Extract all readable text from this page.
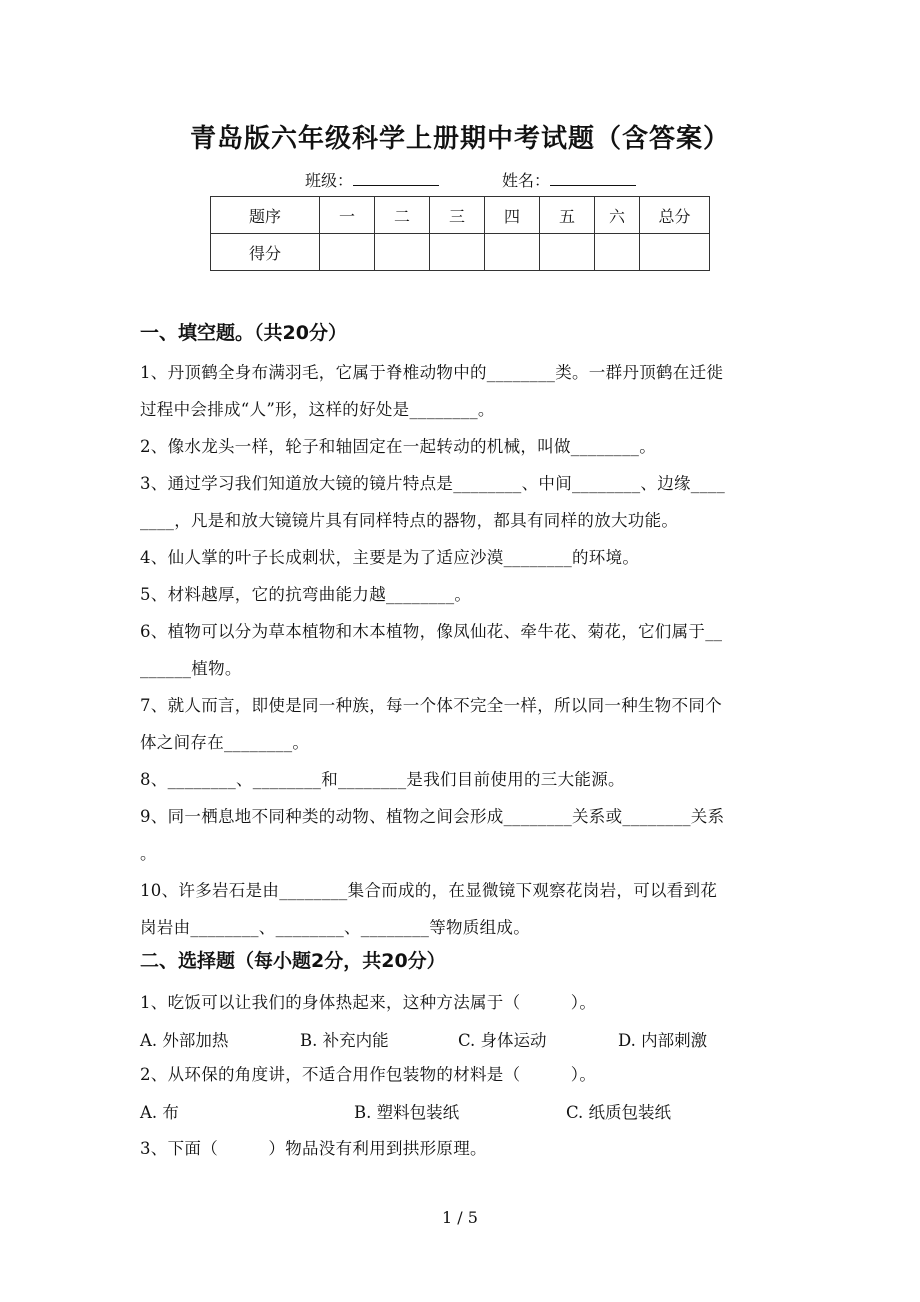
青岛版六年级科学上册期中考试题（含答案）
班级：	姓名：
题序	一	二	三	四	五	六	总分
得分							
一、填空题。（共20分）
1、丹顶鹤全身布满羽毛，它属于脊椎动物中的________类。一群丹顶鹤在迁徙
过程中会排成“人”形，这样的好处是________。
2、像水龙头一样，轮子和轴固定在一起转动的机械，叫做________。
3、通过学习我们知道放大镜的镜片特点是________、中间________、边缘____
____，凡是和放大镜镜片具有同样特点的器物，都具有同样的放大功能。
4、仙人掌的叶子长成刺状，主要是为了适应沙漠________的环境。
5、材料越厚，它的抗弯曲能力越________。
6、植物可以分为草本植物和木本植物，像凤仙花、牵牛花、菊花，它们属于__
______植物。
7、就人而言，即使是同一种族，每一个体不完全一样，所以同一种生物不同个
体之间存在________。
8、________、________和________是我们目前使用的三大能源。
9、同一栖息地不同种类的动物、植物之间会形成________关系或________关系
。
10、许多岩石是由________集合而成的，在显微镜下观察花岗岩，可以看到花
岗岩由________、________、________等物质组成。
二、选择题（每小题2分，共20分）
1、吃饭可以让我们的身体热起来，这种方法属于（　　　）。
A. 外部加热	B. 补充内能	C. 身体运动	D. 内部刺激
2、从环保的角度讲，不适合用作包装物的材料是（　　　）。
A. 布	B. 塑料包装纸	C. 纸质包装纸
3、下面（　　　）物品没有利用到拱形原理。
1 / 5
